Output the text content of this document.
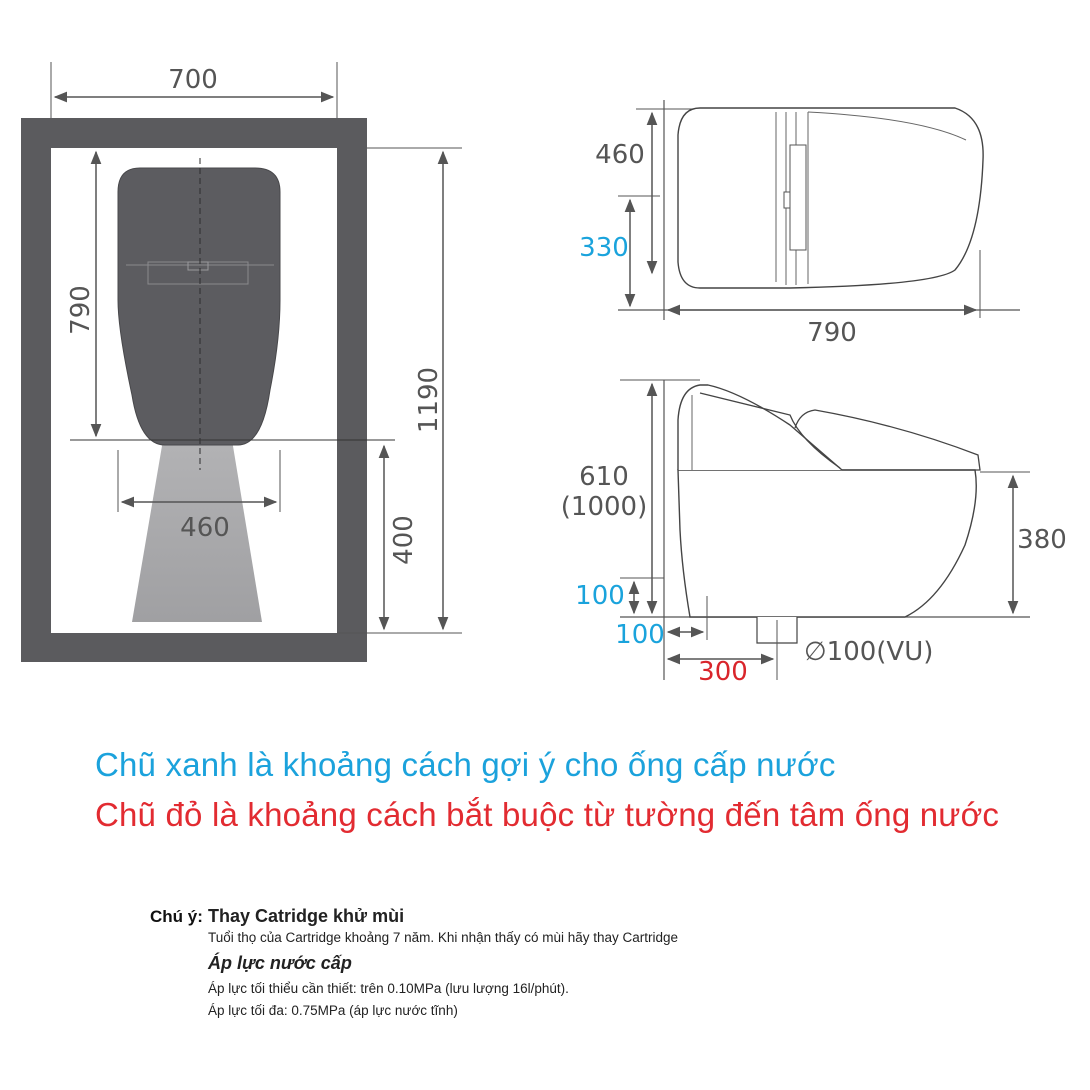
700
1190
790
460	400
460
330
790
610
(1000)
380
100
100
300
∅100(VU)
Chũ xanh là khoảng cách gợi ý cho ống cấp nước
Chũ đỏ là khoảng cách bắt buộc từ tường đến tâm ống nước
Chú ý: Thay Catridge khử mùi
Tuổi thọ của Cartridge khoảng 7 năm. Khi nhận thấy có mùi hãy thay Cartridge
Áp lực nước cấp
Áp lực tối thiểu cần thiết: trên 0.10MPa (lưu lượng 16l/phút).
Áp lực tối đa: 0.75MPa (áp lực nước tĩnh)
